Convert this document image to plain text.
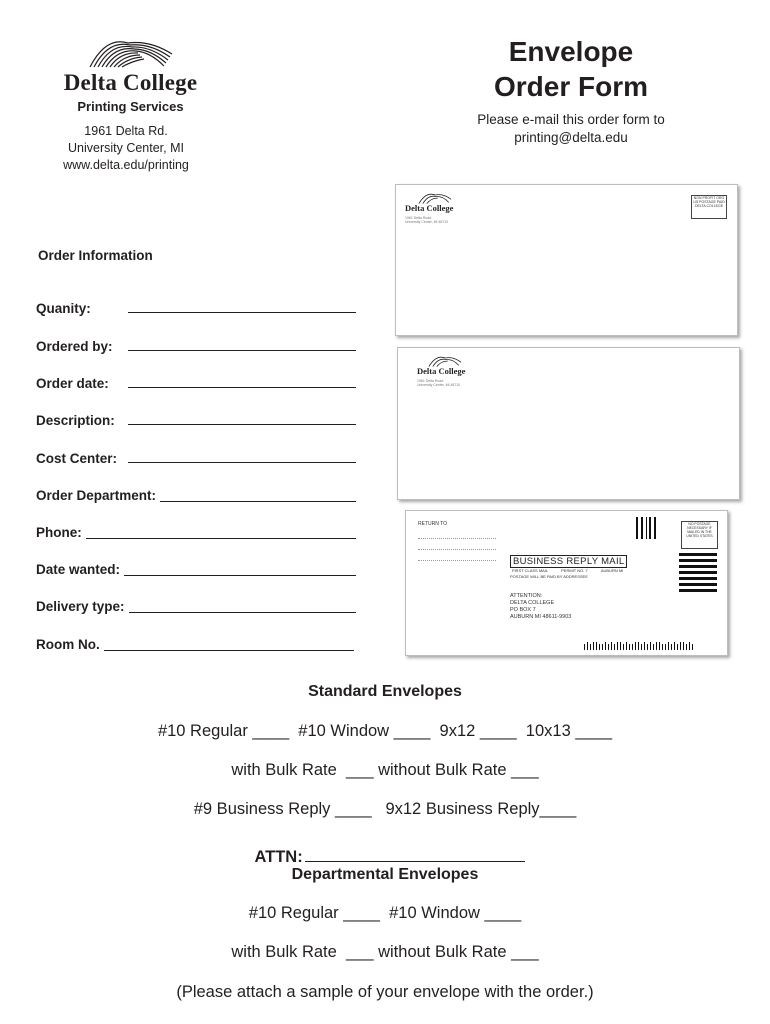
Delta College
Printing Services
1961 Delta Rd.
University Center, MI
www.delta.edu/printing
Envelope
Order Form
Please e-mail this order form to
printing@delta.edu
Order Information
Quanity:
Ordered by:
Order date:
Description:
Cost Center:
Order Department:
Phone:
Date wanted:
Delivery type:
Room No.
Delta College
1961 Delta Road
University Center, MI 48710
NON PROFIT ORG US POSTAGE PAID DELTA COLLEGE
Delta College
1961 Delta Road
University Center, MI 48710
RETURN TO	NO POSTAGE NECESSARY IF MAILED IN THE UNITED STATES
BUSINESS REPLY MAIL
FIRST CLASS MAIL	PERMIT NO. 7	AUBURN MI
POSTAGE WILL BE PAID BY ADDRESSEE
ATTENTION:
DELTA COLLEGE
PO BOX 7
AUBURN MI 48611-9903
Standard Envelopes
#10 Regular ____  #10 Window ____  9x12 ____  10x13 ____
with Bulk Rate  ___ without Bulk Rate ___
#9 Business Reply ____   9x12 Business Reply____

ATTN:

Departmental Envelopes
#10 Regular ____  #10 Window ____
with Bulk Rate  ___ without Bulk Rate ___
(Please attach a sample of your envelope with the order.)
